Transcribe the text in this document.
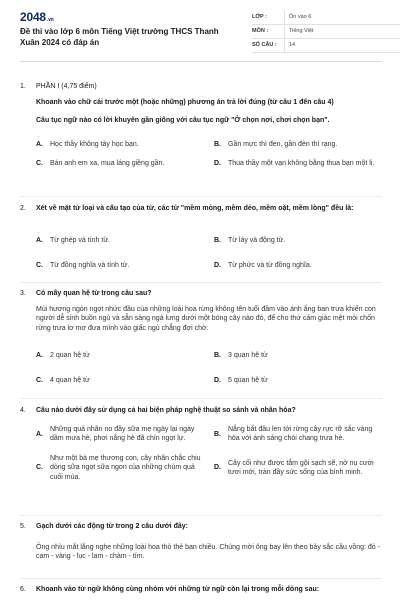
2048.vn
Đề thi vào lớp 6 môn Tiếng Việt trường THCS Thanh Xuân 2024 có đáp án
LỚP :	Ôn vào 6
MÔN :	Tiếng Việt
SỐ CÂU :	14
1.	PHẦN I (4,75 điểm)
Khoanh vào chữ cái trước một (hoặc những) phương án trả lời đúng (từ câu 1 đến câu 4)
Câu tục ngữ nào có lời khuyên gần giống với câu tục ngữ "Ở chọn nơi, chơi chọn bạn".
A.	Học thầy không tày học bạn.	B.	Gần mực thì đen, gần đèn thì rạng.
C.	Bán anh em xa, mua láng giềng gần.	D.	Thua thầy một vạn không bằng thua bạn một li.
2.	Xét về mặt từ loại và cấu tạo của từ, các từ "mềm mỏng, mềm dẻo, mềm oặt, mềm lòng" đều là:
A.	Từ ghép và tính từ.	B.	Từ láy và động từ.
C.	Từ đồng nghĩa và tính từ.	D.	Từ phức và từ đồng nghĩa.
3.	Có mấy quan hệ từ trong câu sau?
Mùi hương ngòn ngọt nhức đầu của những loài hoa rừng không tên tuổi đầm vào ánh ắng ban trưa khiến con người dễ sinh buồn ngủ và sẵn sàng ngả lưng dưới một bóng cây nào đó, để cho thứ cảm giác mệt mỏi chốn rừng trưa lơ mơ đưa mình vào giấc ngủ chẳng đợi chờ.
A.	2 quan hệ từ	B.	3 quan hệ từ
C.	4 quan hệ từ	D.	5 quan hệ từ
4.	Câu nào dưới đây sử dụng cả hai biện pháp nghệ thuật so sánh và nhân hóa?
A.
Những quả nhãn no đầy sữa mẹ ngày lại ngày dầm mưa hè, phơi nắng hè đã chín ngọt lự.
B.
Nắng bắt đầu len tới rừng cây rực rỡ sắc vàng hòa với ánh sáng chói chang trưa hè.
C.
Như một bà mẹ thương con, cây nhãn chắc chiu dòng sữa ngọt sữa ngon của những chùm quả cuối mùa.
D.
Cây cối như được tắm gội sạch sẽ, nở nụ cười tươi mới, tràn đầy sức sống của bình minh.
5.	Gạch dưới các động từ trong 2 câu dưới đây:
Ông nhìu mắt lắng nghe những loài hoa thỏ thẻ ban chiều. Chúng mời ông bay lên theo bảy sắc cầu vồng: đỏ - cam - vàng - lục - lam - chàm - tím.
6.	Khoanh vào từ ngữ không cùng nhóm với những từ ngữ còn lại trong mỗi dòng sau:
